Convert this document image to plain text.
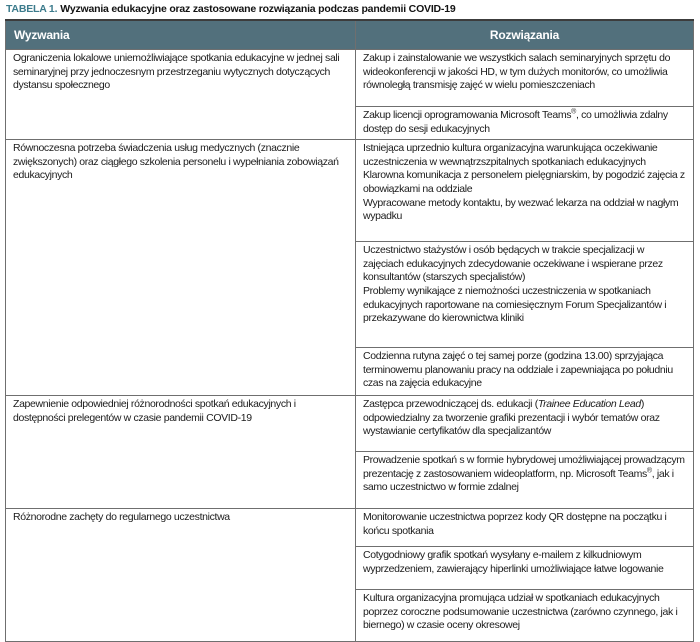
TABELA 1. Wyzwania edukacyjne oraz zastosowane rozwiązania podczas pandemii COVID-19
Wyzwania	Rozwiązania

Ograniczenia lokalowe uniemożliwiające spotkania edukacyjne w jednej sali seminaryjnej przy jednoczesnym przestrzeganiu wytycznych dotyczących dystansu społecznego	Zakup i zainstalowanie we wszystkich salach seminaryjnych sprzętu do wideokonferencji w jakości HD, w tym dużych monitorów, co umożliwia równoległą transmisję zajęć w wielu pomieszczeniach

	Zakup licencji oprogramowania Microsoft Teams®, co umożliwia zdalny dostęp do sesji edukacyjnych

Równoczesna potrzeba świadczenia usług medycznych (znacznie zwiększonych) oraz ciągłego szkolenia personelu i wypełniania zobowiązań edukacyjnych	Istniejąca uprzednio kultura organizacyjna warunkująca oczekiwanie uczestniczenia w wewnątrzszpitalnych spotkaniach edukacyjnych
Klarowna komunikacja z personelem pielęgniarskim, by pogodzić zajęcia z obowiązkami na oddziale
Wypracowane metody kontaktu, by wezwać lekarza na oddział w nagłym wypadku

	Uczestnictwo stażystów i osób będących w trakcie specjalizacji w zajęciach edukacyjnych zdecydowanie oczekiwane i wspierane przez konsultantów (starszych specjalistów)
Problemy wynikające z niemożności uczestniczenia w spotkaniach edukacyjnych raportowane na comiesięcznym Forum Specjalizantów i przekazywane do kierownictwa kliniki

	Codzienna rutyna zajęć o tej samej porze (godzina 13.00) sprzyjająca terminowemu planowaniu pracy na oddziale i zapewniająca po południu czas na zajęcia edukacyjne

Zapewnienie odpowiedniej różnorodności spotkań edukacyjnych i dostępności prelegentów w czasie pandemii COVID-19	Zastępca przewodniczącej ds. edukacji (Trainee Education Lead) odpowiedzialny za tworzenie grafiki prezentacji i wybór tematów oraz wystawianie certyfikatów dla specjalizantów

	Prowadzenie spotkań s w formie hybrydowej umożliwiającej prowadzącym prezentację z zastosowaniem wideoplatform, np. Microsoft Teams®, jak i samo uczestnictwo w formie zdalnej

Różnorodne zachęty do regularnego uczestnictwa	Monitorowanie uczestnictwa poprzez kody QR dostępne na początku i końcu spotkania

	Cotygodniowy grafik spotkań wysyłany e-mailem z kilkudniowym wyprzedzeniem, zawierający hiperlinki umożliwiające łatwe logowanie

	Kultura organizacyjna promująca udział w spotkaniach edukacyjnych poprzez coroczne podsumowanie uczestnictwa (zarówno czynnego, jak i biernego) w czasie oceny okresowej
